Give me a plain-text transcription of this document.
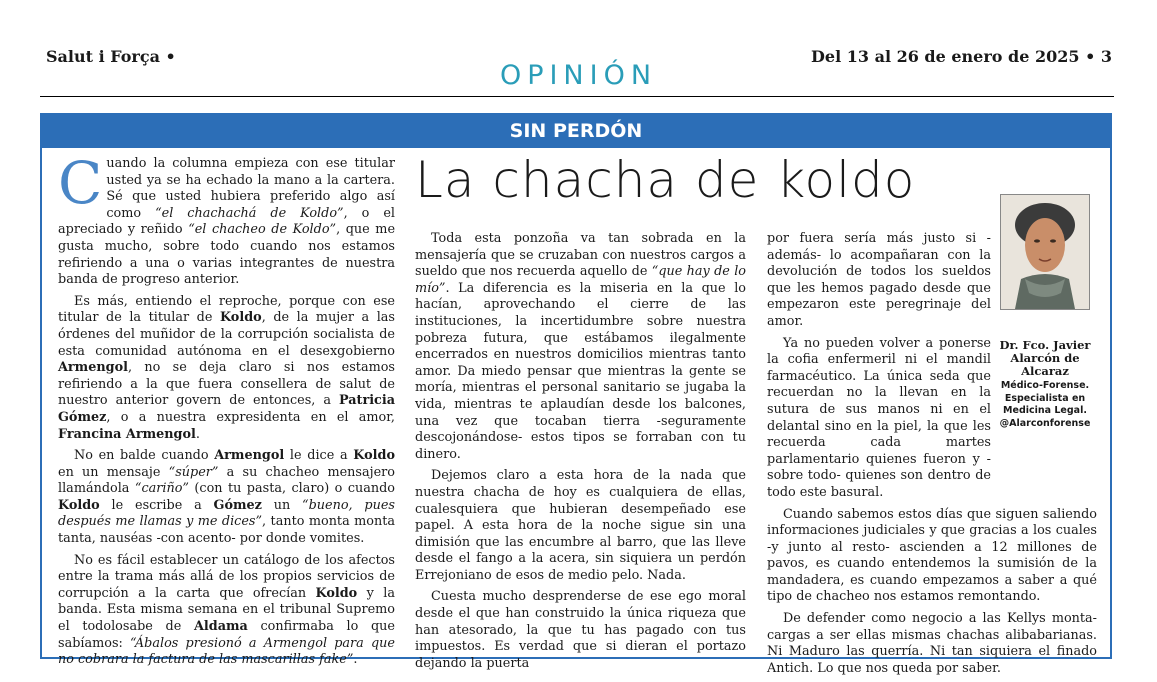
Salut i Força •	Del 13 al 26 de enero de 2025 • 3
OPINIÓN
SIN PERDÓN

Cuando la columna empieza con ese titular usted ya se ha echado la mano a la cartera. Sé que usted hubiera preferido algo así como “el chachachá de Koldo”, o el apreciado y reñido “el chacheo de Koldo”, que me gusta mucho, sobre todo cuando nos estamos refiriendo a una o varias integrantes de nuestra banda de progreso anterior.

Es más, entiendo el reproche, porque con ese titular de la titular de Koldo, de la mujer a las órdenes del muñidor de la corrupción socialista de esta comunidad autónoma en el desexgobierno Armengol, no se deja claro si nos estamos refiriendo a la que fuera consellera de salut de nuestro anterior govern de entonces, a Patricia Gómez, o a nuestra expresidenta en el amor, Francina Armengol.

No en balde cuando Armengol le dice a Koldo en un mensaje “súper” a su chacheo mensajero llamándola “cariño” (con tu pasta, claro) o cuando Koldo le escribe a Gómez un “bueno, pues después me llamas y me dices”, tanto monta monta tanta, nauséas -con acento- por donde vomites.

No es fácil establecer un catálogo de los afectos entre la trama más allá de los propios servicios de corrupción a la carta que ofrecían Koldo y la banda. Esta misma semana en el tribunal Supremo el todolosabe de Aldama confirmaba lo que sabíamos: “Ábalos presionó a Armengol para que no cobrara la factura de las mascarillas fake”.

La chacha de koldo

Toda esta ponzoña va tan sobrada en la mensajería que se cruzaban con nuestros cargos a sueldo que nos recuerda aquello de “que hay de lo mío”. La diferencia es la miseria en la que lo hacían, aprovechando el cierre de las instituciones, la incertidumbre sobre nuestra pobreza futura, que estábamos ilegalmente encerrados en nuestros domicilios mientras tanto amor. Da miedo pensar que mientras la gente se moría, mientras el personal sanitario se jugaba la vida, mientras te aplaudían desde los balcones, una vez que tocaban tierra -seguramente descojonándose- estos tipos se forraban con tu dinero.

Dejemos claro a esta hora de la nada que nuestra chacha de hoy es cualquiera de ellas, cualesquiera que hubieran desempeñado ese papel. A esta hora de la noche sigue sin una dimisión que las encumbre al barro, que las lleve desde el fango a la acera, sin siquiera un perdón Errejoniano de esos de medio pelo. Nada.

Cuesta mucho desprenderse de ese ego moral desde el que han construido la única riqueza que han atesorado, la que tu has pagado con tus impuestos. Es verdad que si dieran el portazo dejando la puerta

por fuera sería más justo si -además- lo acompañaran con la devolución de todos los sueldos que les hemos pagado desde que empezaron este peregrinaje del amor.

Ya no pueden volver a ponerse la cofia enfermeril ni el mandil farmacéutico. La única seda que recuerdan no la llevan en la sutura de sus manos ni en el delantal sino en la piel, la que les recuerda cada martes parlamentario quienes fueron y -sobre todo- quienes son dentro de todo este basural.

Cuando sabemos estos días que siguen saliendo informaciones judiciales y que gracias a los cuales -y junto al resto- ascienden a 12 millones de pavos, es cuando entendemos la sumisión de la mandadera, es cuando empezamos a saber a qué tipo de chacheo nos estamos remontando.

De defender como negocio a las Kellys monta-cargas a ser ellas mismas chachas alibabarianas. Ni Maduro las querría. Ni tan siquiera el finado Antich. Lo que nos queda por saber.

Dr. Fco. Javier Alarcón de Alcaraz
Médico-Forense.
Especialista en
Medicina Legal.
@Alarconforense
